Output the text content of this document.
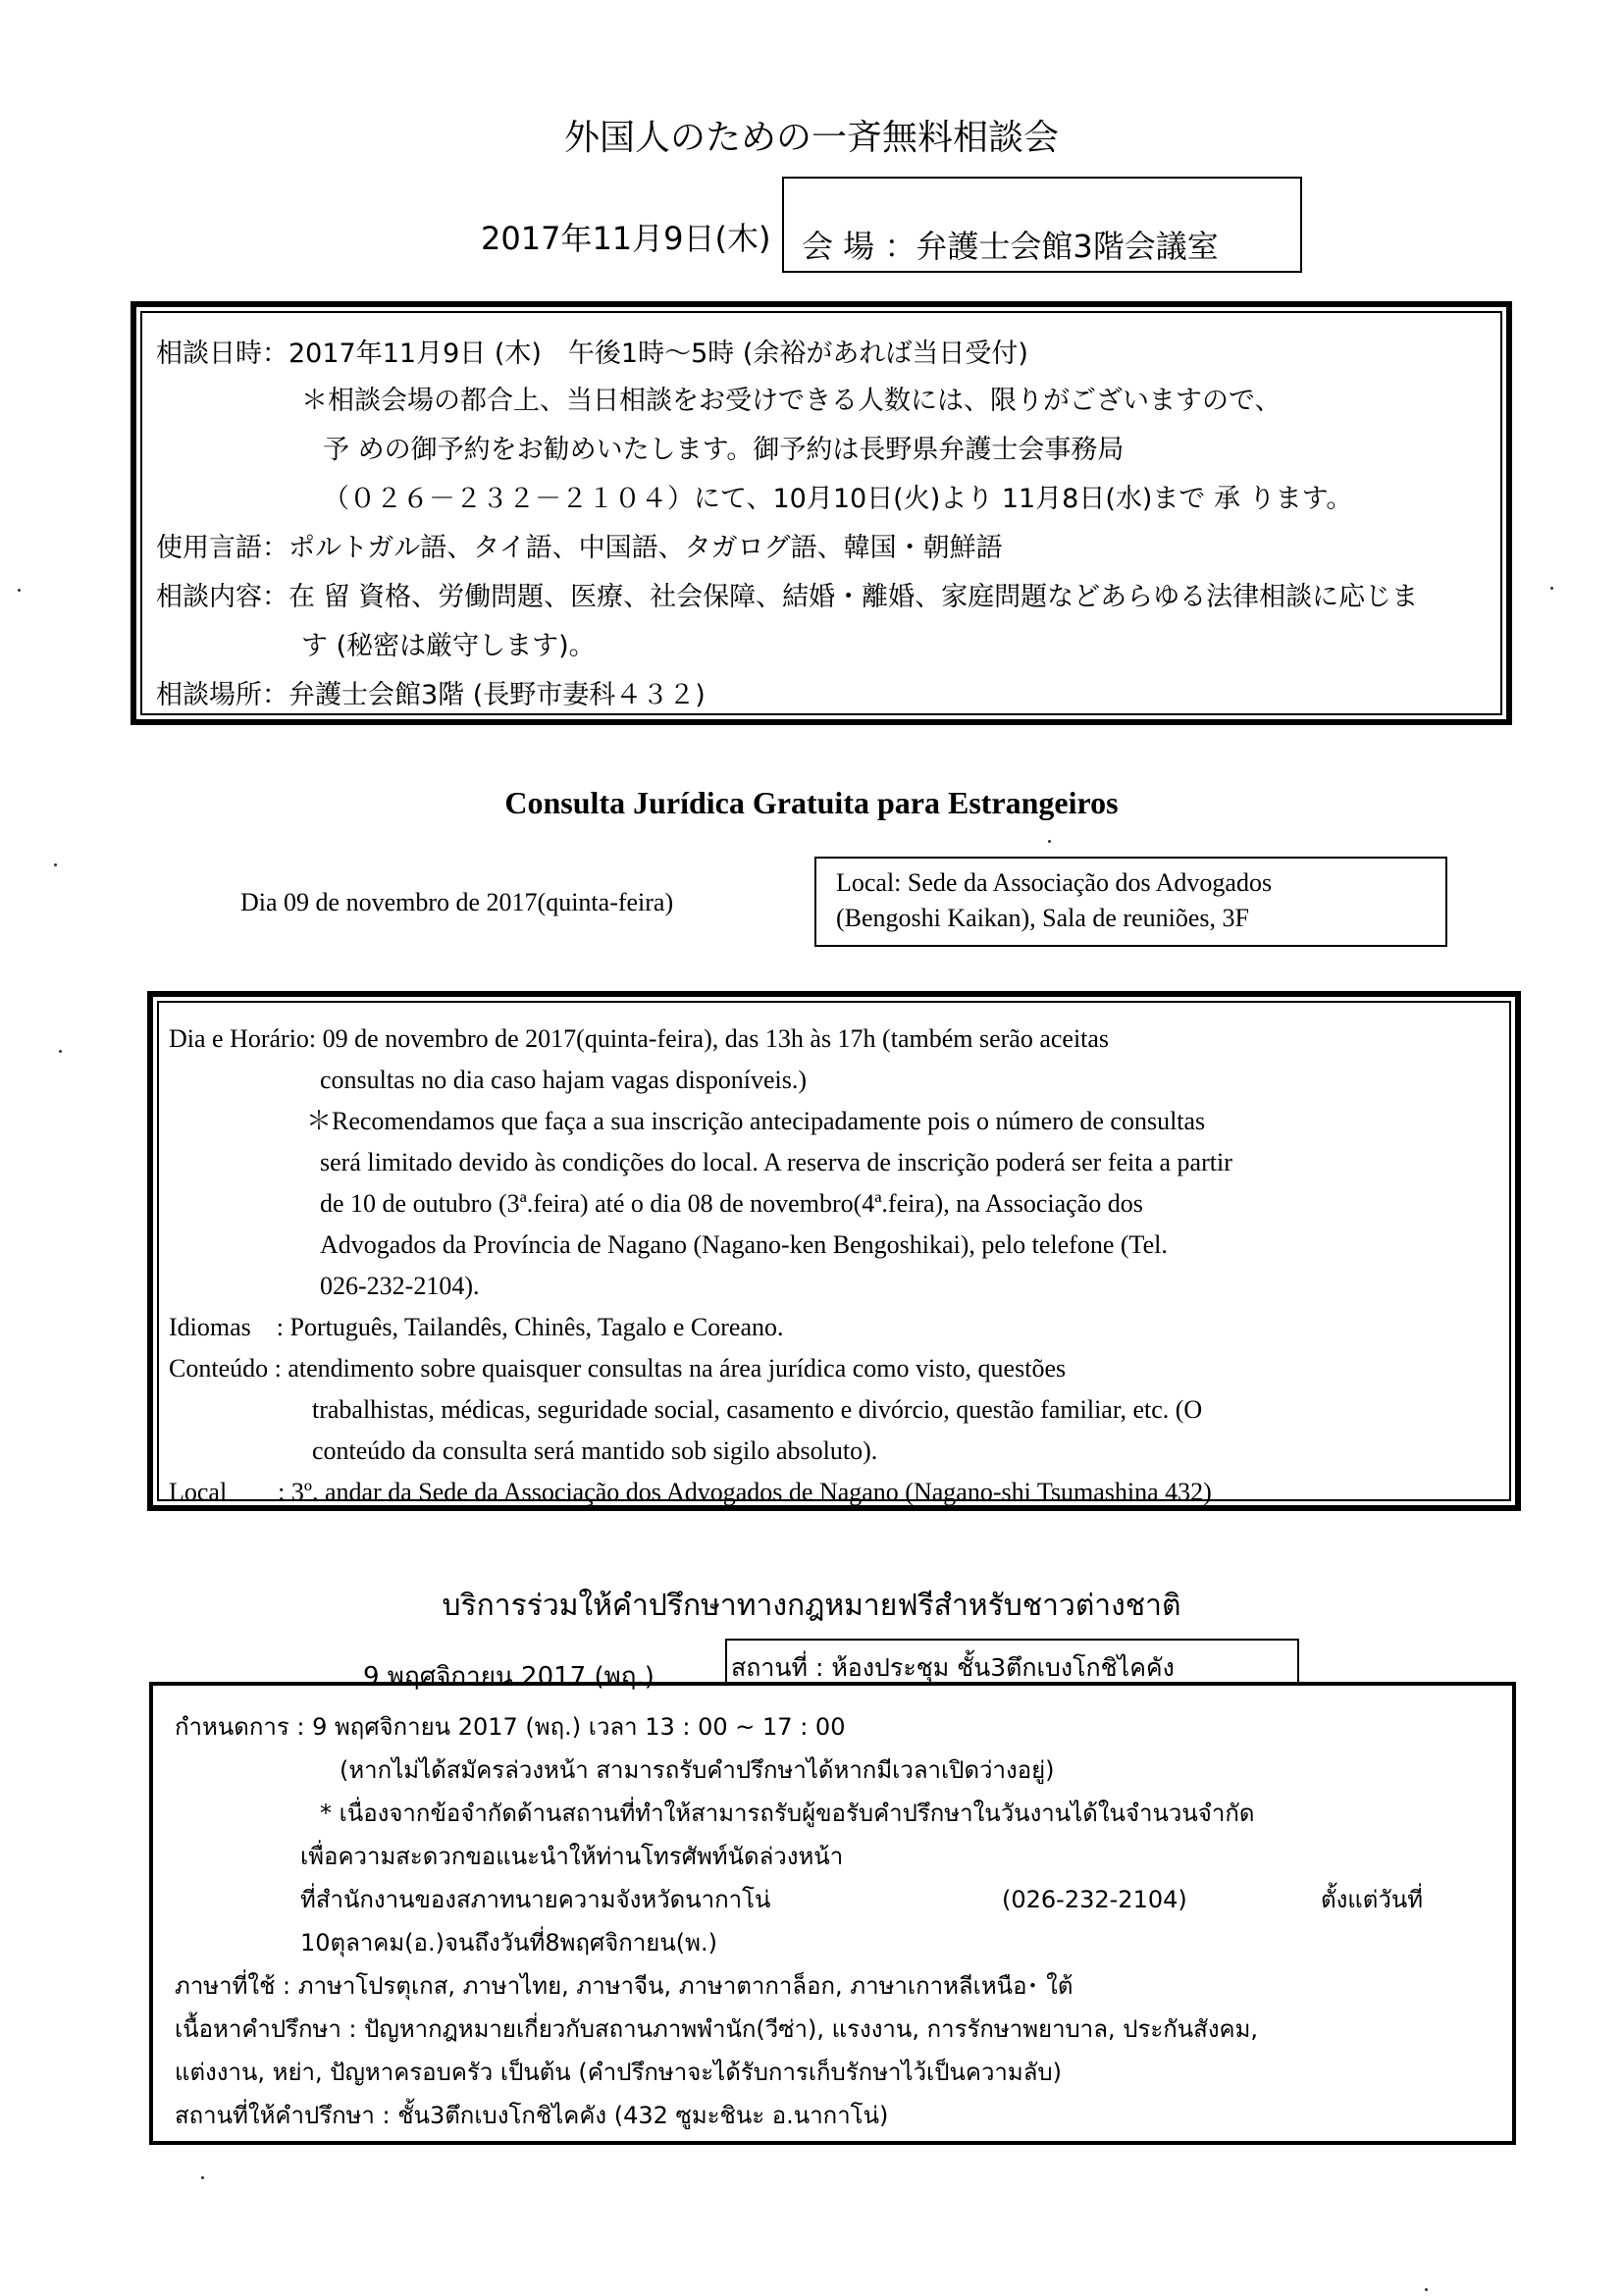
外国人のための一斉無料相談会
2017年11月9日(木) 会 場 ：弁護士会館3階会議室
相談日時：2017年11月9日 (木)　午後1時～5時 (余裕があれば当日受付)
＊相談会場の都合上、当日相談をお受けできる人数には、限りがございますので、
予 めの御予約をお勧めいたします。御予約は長野県弁護士会事務局
（０２６－２３２－２１０４）にて、10月10日(火)より 11月8日(水)まで 承 ります。
使用言語：ポルトガル語、タイ語、中国語、タガログ語、韓国・朝鮮語
相談内容：在 留 資格、労働問題、医療、社会保障、結婚・離婚、家庭問題などあらゆる法律相談に応じま
す (秘密は厳守します)。
相談場所：弁護士会館3階 (長野市妻科４３２)
Consulta Jurídica Gratuita para Estrangeiros
Dia 09 de novembro de 2017(quinta-feira)
Local: Sede da Associação dos Advogados
(Bengoshi Kaikan), Sala de reuniões, 3F
Dia e Horário: 09 de novembro de 2017(quinta-feira), das 13h às 17h (também serão aceitas
consultas no dia caso hajam vagas disponíveis.)
＊Recomendamos que faça a sua inscrição antecipadamente pois o número de consultas
será limitado devido às condições do local. A reserva de inscrição poderá ser feita a partir
de 10 de outubro (3ª.feira) até o dia 08 de novembro(4ª.feira), na Associação dos
Advogados da Província de Nagano (Nagano-ken Bengoshikai), pelo telefone (Tel.
026-232-2104).
Idiomas　: Português, Tailandês, Chinês, Tagalo e Coreano.
Conteúdo : atendimento sobre quaisquer consultas na área jurídica como visto, questões
trabalhistas, médicas, seguridade social, casamento e divórcio, questão familiar, etc. (O
conteúdo da consulta será mantido sob sigilo absoluto).
Local　　: 3º. andar da Sede da Associação dos Advogados de Nagano (Nagano-shi Tsumashina 432)
บริการร่วมให้คำปรึกษาทางกฎหมายฟรีสำหรับชาวต่างชาติ
9 พฤศจิกายน 2017 (พฤ.)	สถานที่ : ห้องประชุม ชั้น3ตึกเบงโกชิไคคัง
กำหนดการ : 9 พฤศจิกายน 2017 (พฤ.) เวลา 13 : 00 ~ 17 : 00
(หากไม่ได้สมัครล่วงหน้า สามารถรับคำปรึกษาได้หากมีเวลาเปิดว่างอยู่)
* เนื่องจากข้อจำกัดด้านสถานที่ทำให้สามารถรับผู้ขอรับคำปรึกษาในวันงานได้ในจำนวนจำกัด
เพื่อความสะดวกขอแนะนำให้ท่านโทรศัพท์นัดล่วงหน้า
ที่สำนักงานของสภาทนายความจังหวัดนากาโน่	(026-232-2104)	ตั้งแต่วันที่
10ตุลาคม(อ.)จนถึงวันที่8พฤศจิกายน(พ.)
ภาษาที่ใช้ : ภาษาโปรตุเกส, ภาษาไทย, ภาษาจีน, ภาษาตากาล็อก, ภาษาเกาหลีเหนือ･ ใต้
เนื้อหาคำปรึกษา : ปัญหากฎหมายเกี่ยวกับสถานภาพพำนัก(วีซ่า), แรงงาน, การรักษาพยาบาล, ประกันสังคม,
แต่งงาน, หย่า, ปัญหาครอบครัว เป็นต้น (คำปรึกษาจะได้รับการเก็บรักษาไว้เป็นความลับ)
สถานที่ให้คำปรึกษา : ชั้น3ตึกเบงโกชิไคคัง (432 ซูมะชินะ อ.นากาโน่)
